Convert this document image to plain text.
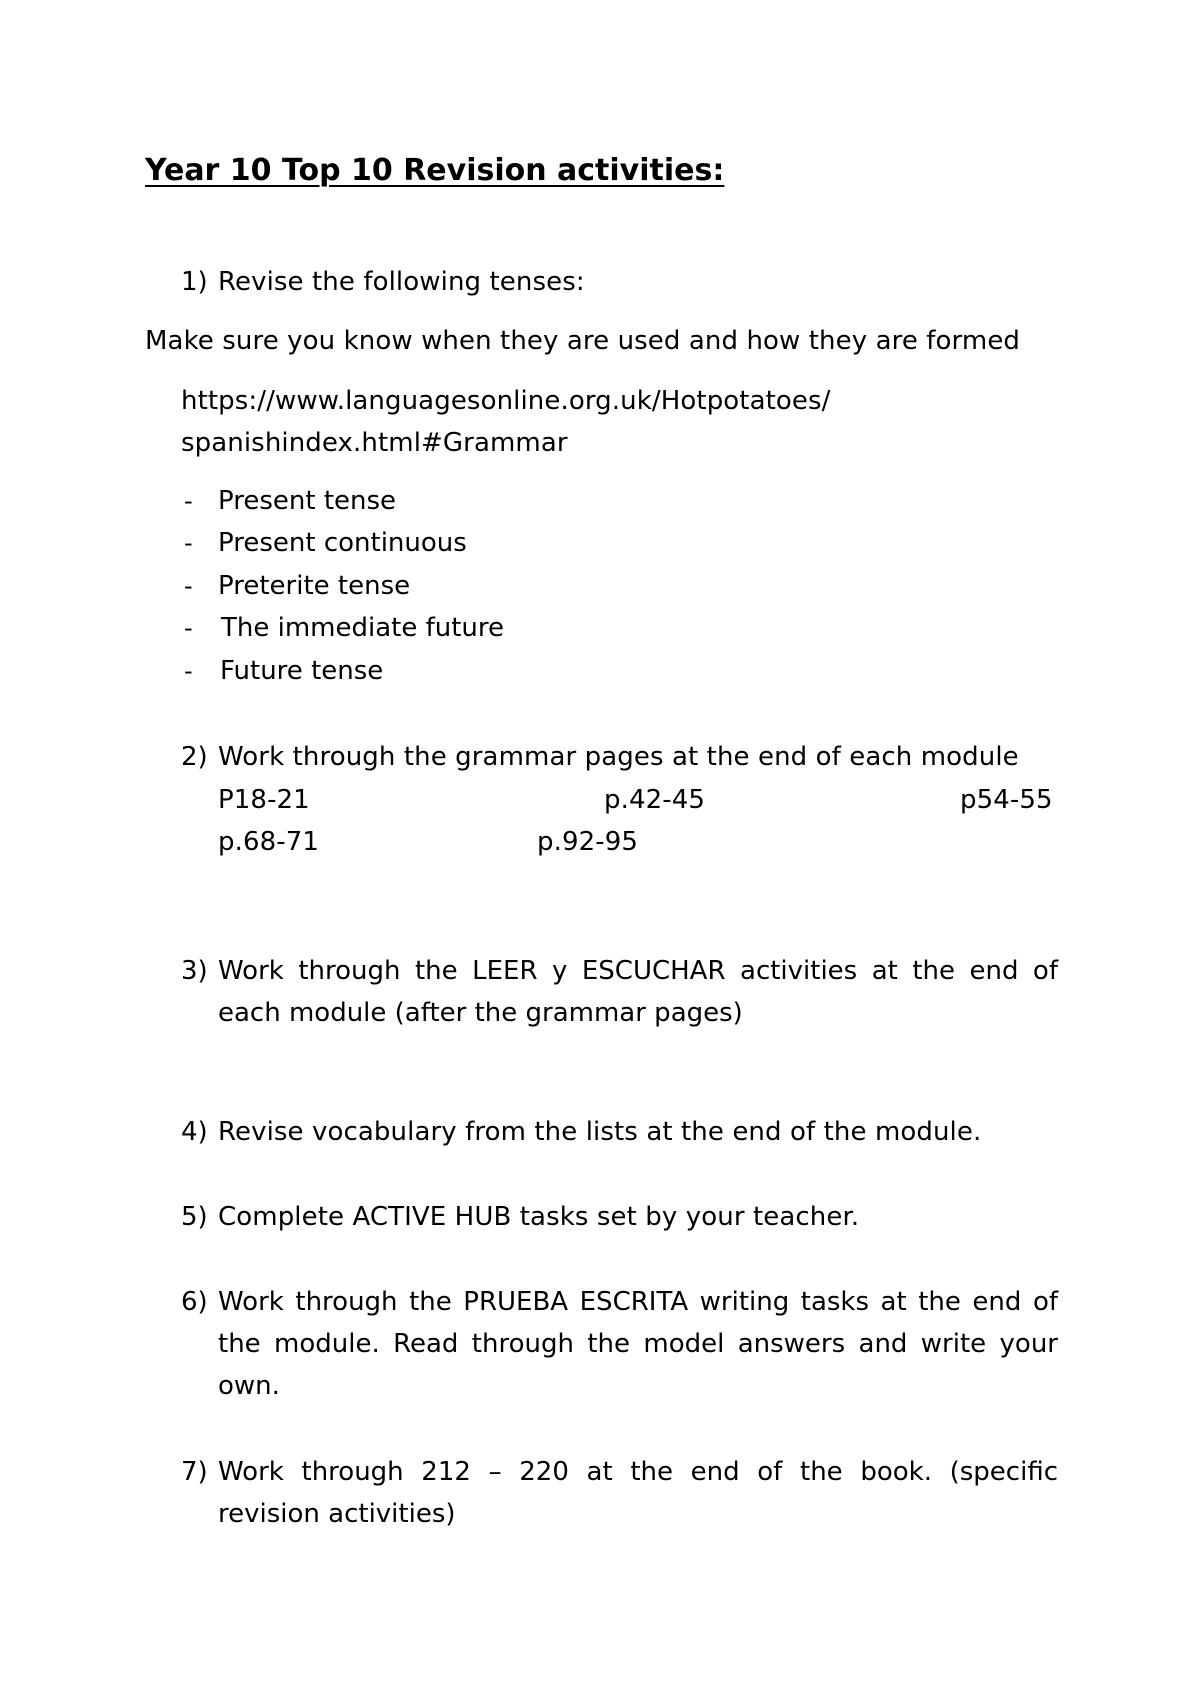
Year 10 Top 10 Revision activities:
1) Revise the following tenses:
Make sure you know when they are used and how they are formed
https://www.languagesonline.org.uk/Hotpotatoes/
spanishindex.html#Grammar
- Present tense
- Present continuous
- Preterite tense
- The immediate future
- Future tense
2) Work through the grammar pages at the end of each module
P18-21	p.42-45	p54-55
p.68-71	p.92-95
3) Work through the LEER y ESCUCHAR activities at the end of each module (after the grammar pages)
4) Revise vocabulary from the lists at the end of the module.
5) Complete ACTIVE HUB tasks set by your teacher.
6) Work through the PRUEBA ESCRITA writing tasks at the end of the module. Read through the model answers and write your own.
7) Work through 212 – 220 at the end of the book. (specific revision activities)
